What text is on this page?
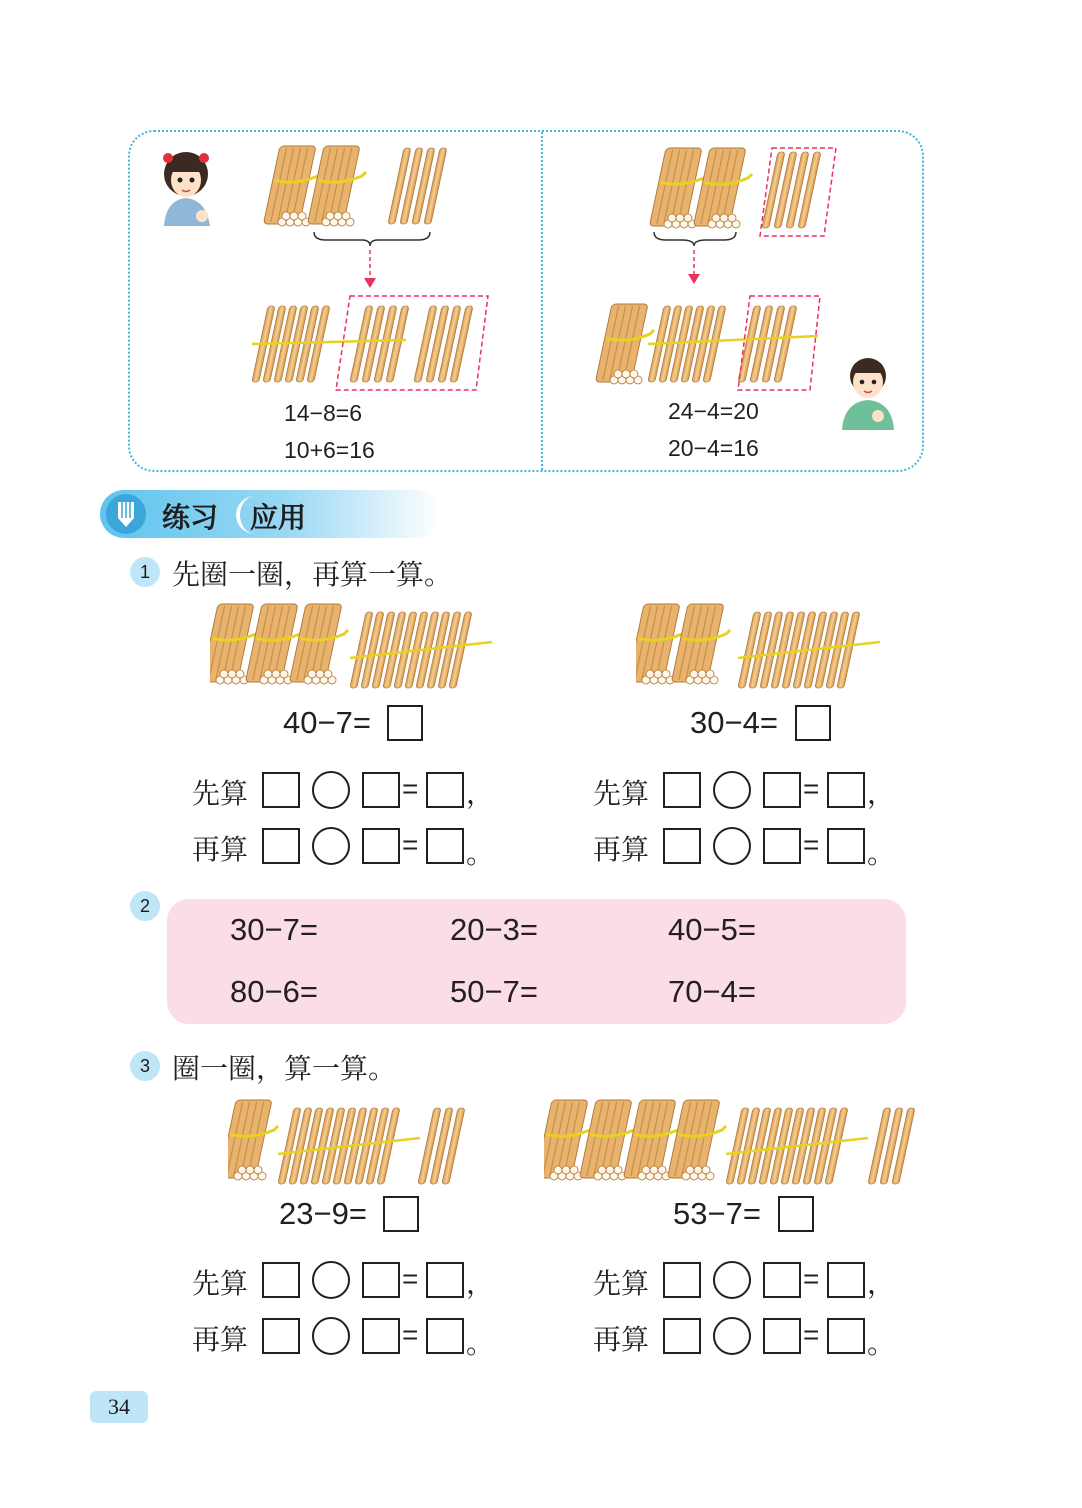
14−8=6
10+6=16
24−4=20
20−4=16
练习 应用
1 先圈一圈，再算一算。
40−7=	30−4=
先算	= ，
再算	= 。
先算	= ，
再算	= 。
2
30−7=	20−3=	40−5=
80−6=	50−7=	70−4=
3 圈一圈，算一算。
23−9=	53−7=
先算	= ，
再算	= 。
先算	= ，
再算	= 。
34
